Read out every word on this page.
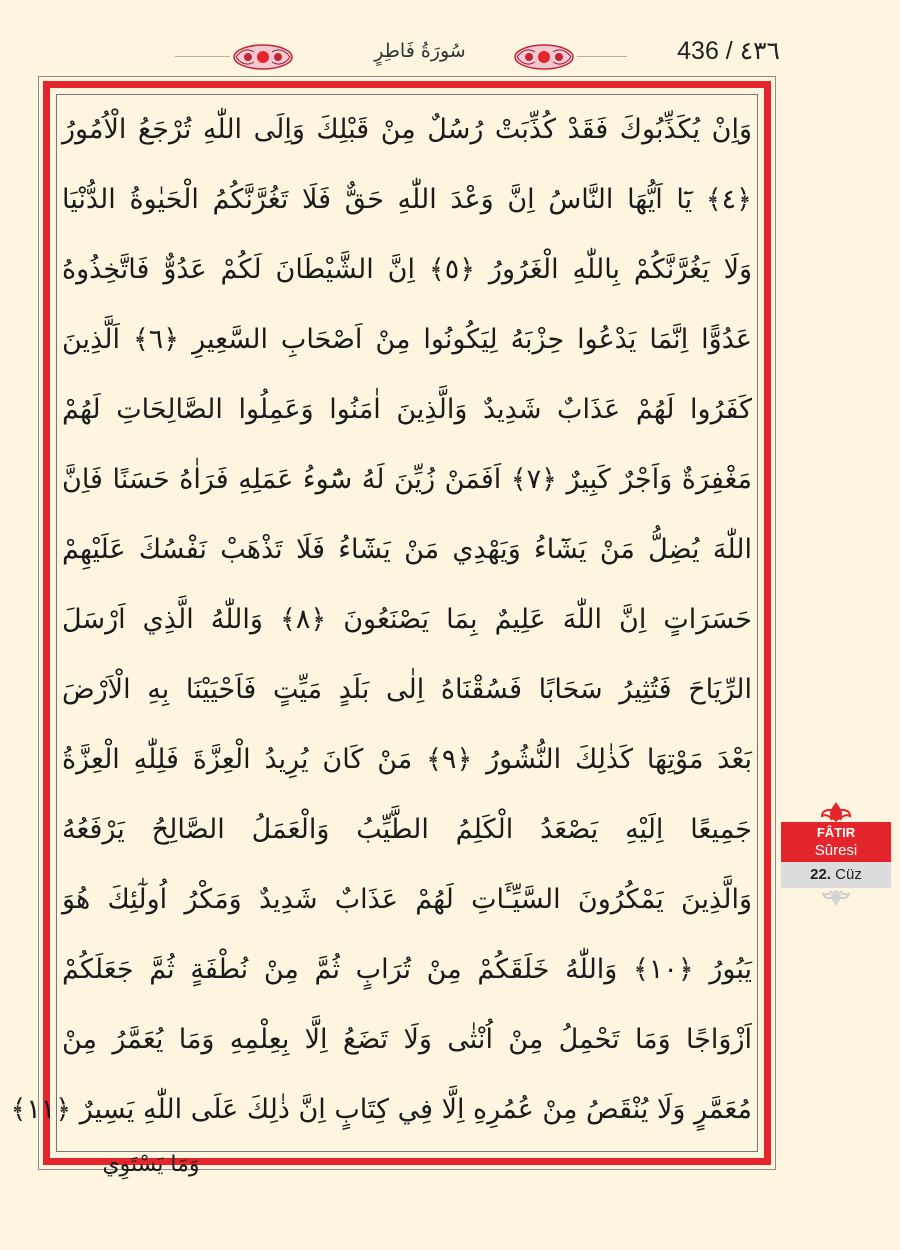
سُورَةُ فَاطِرٍ	436 / ٤٣٦
وَاِنْ يُكَذِّبُوكَ فَقَدْ كُذِّبَتْ رُسُلٌ مِنْ قَبْلِكَ وَاِلَى اللّٰهِ تُرْجَعُ الْاُمُورُ
﴿٤﴾ يَٓا اَيُّهَا النَّاسُ اِنَّ وَعْدَ اللّٰهِ حَقٌّ فَلَا تَغُرَّنَّكُمُ الْحَيٰوةُ الدُّنْيَا
وَلَا يَغُرَّنَّكُمْ بِاللّٰهِ الْغَرُورُ ﴿٥﴾ اِنَّ الشَّيْطَانَ لَكُمْ عَدُوٌّ فَاتَّخِذُوهُ
عَدُوًّا اِنَّمَا يَدْعُوا حِزْبَهُ لِيَكُونُوا مِنْ اَصْحَابِ السَّعِيرِ ﴿٦﴾ اَلَّذِينَ
كَفَرُوا لَهُمْ عَذَابٌ شَدِيدٌ وَالَّذِينَ اٰمَنُوا وَعَمِلُوا الصَّالِحَاتِ لَهُمْ
مَغْفِرَةٌ وَاَجْرٌ كَبِيرٌ ﴿٧﴾ اَفَمَنْ زُيِّنَ لَهُ سُٓوءُ عَمَلِهِ فَرَاٰهُ حَسَنًا فَاِنَّ
اللّٰهَ يُضِلُّ مَنْ يَشَٓاءُ وَيَهْدِي مَنْ يَشَٓاءُ فَلَا تَذْهَبْ نَفْسُكَ عَلَيْهِمْ
حَسَرَاتٍ اِنَّ اللّٰهَ عَلِيمٌ بِمَا يَصْنَعُونَ ﴿٨﴾ وَاللّٰهُ الَّذِي اَرْسَلَ
الرِّيَاحَ فَتُثِيرُ سَحَابًا فَسُقْنَاهُ اِلٰى بَلَدٍ مَيِّتٍ فَاَحْيَيْنَا بِهِ الْاَرْضَ
بَعْدَ مَوْتِهَا كَذٰلِكَ النُّشُورُ ﴿٩﴾ مَنْ كَانَ يُرِيدُ الْعِزَّةَ فَلِلّٰهِ الْعِزَّةُ
جَمِيعًا اِلَيْهِ يَصْعَدُ الْكَلِمُ الطَّيِّبُ وَالْعَمَلُ الصَّالِحُ يَرْفَعُهُ
وَالَّذِينَ يَمْكُرُونَ السَّيِّـَٔاتِ لَهُمْ عَذَابٌ شَدِيدٌ وَمَكْرُ اُولٰٓئِكَ هُوَ
يَبُورُ ﴿١٠﴾ وَاللّٰهُ خَلَقَكُمْ مِنْ تُرَابٍ ثُمَّ مِنْ نُطْفَةٍ ثُمَّ جَعَلَكُمْ
اَزْوَاجًا وَمَا تَحْمِلُ مِنْ اُنْثٰى وَلَا تَضَعُ اِلَّا بِعِلْمِهِ وَمَا يُعَمَّرُ مِنْ
مُعَمَّرٍ وَلَا يُنْقَصُ مِنْ عُمُرِهِ اِلَّا فِي كِتَابٍ اِنَّ ذٰلِكَ عَلَى اللّٰهِ يَسِيرٌ ﴿١١﴾
وَمَا يَسْتَوِي
FÂTIR
Sûresi
22. Cüz
